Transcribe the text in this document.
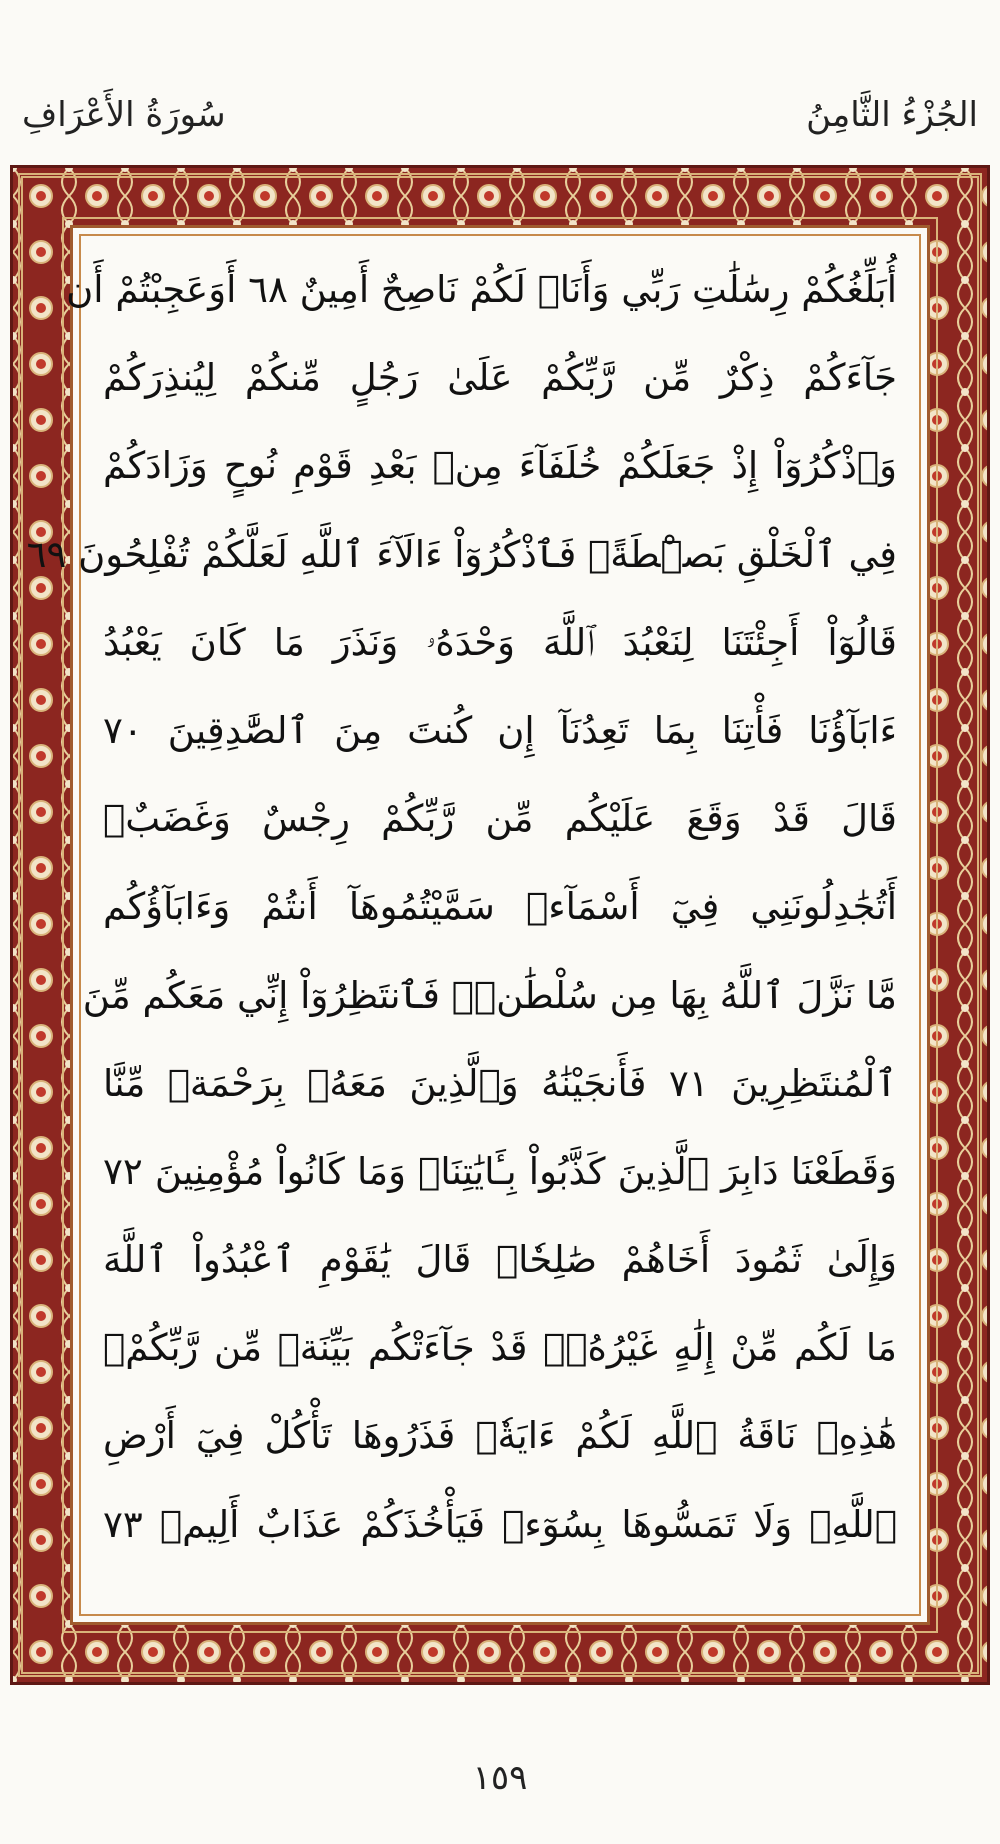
سُورَةُ الأَعْرَافِ	الجُزْءُ الثَّامِنُ
أُبَلِّغُكُمْ رِسَٰلَٰتِ رَبِّي وَأَنَا۠ لَكُمْ نَاصِحٌ أَمِينٌ ٦٨ أَوَعَجِبْتُمْ أَن
جَآءَكُمْ ذِكْرٌ مِّن رَّبِّكُمْ عَلَىٰ رَجُلٍ مِّنكُمْ لِيُنذِرَكُمْ
وَٱذْكُرُوٓاْ إِذْ جَعَلَكُمْ خُلَفَآءَ مِنۢ بَعْدِ قَوْمِ نُوحٍ وَزَادَكُمْ
فِي ٱلْخَلْقِ بَصْۜطَةًۖ فَٱذْكُرُوٓاْ ءَالَآءَ ٱللَّهِ لَعَلَّكُمْ تُفْلِحُونَ ٦٩
قَالُوٓاْ أَجِئْتَنَا لِنَعْبُدَ ٱللَّهَ وَحْدَهُۥ وَنَذَرَ مَا كَانَ يَعْبُدُ
ءَابَآؤُنَا فَأْتِنَا بِمَا تَعِدُنَآ إِن كُنتَ مِنَ ٱلصَّٰدِقِينَ ٧٠
قَالَ قَدْ وَقَعَ عَلَيْكُم مِّن رَّبِّكُمْ رِجْسٌ وَغَضَبٌۖ
أَتُجَٰدِلُونَنِي فِيٓ أَسْمَآءٖ سَمَّيْتُمُوهَآ أَنتُمْ وَءَابَآؤُكُم
مَّا نَزَّلَ ٱللَّهُ بِهَا مِن سُلْطَٰنٖۚ فَٱنتَظِرُوٓاْ إِنِّي مَعَكُم مِّنَ
ٱلْمُنتَظِرِينَ ٧١ فَأَنجَيْنَٰهُ وَٱلَّذِينَ مَعَهُۥ بِرَحْمَةٖ مِّنَّا
وَقَطَعْنَا دَابِرَ ٱلَّذِينَ كَذَّبُواْ بِـَٔايَٰتِنَاۖ وَمَا كَانُواْ مُؤْمِنِينَ ٧٢
وَإِلَىٰ ثَمُودَ أَخَاهُمْ صَٰلِحٗاۚ قَالَ يَٰقَوْمِ ٱعْبُدُواْ ٱللَّهَ
مَا لَكُم مِّنْ إِلَٰهٍ غَيْرُهُۥۖ قَدْ جَآءَتْكُم بَيِّنَةٞ مِّن رَّبِّكُمْۖ
هَٰذِهِۦ نَاقَةُ ٱللَّهِ لَكُمْ ءَايَةٗۖ فَذَرُوهَا تَأْكُلْ فِيٓ أَرْضِ
ٱللَّهِۖ وَلَا تَمَسُّوهَا بِسُوٓءٖ فَيَأْخُذَكُمْ عَذَابٌ أَلِيمٞ ٧٣
١٥٩
